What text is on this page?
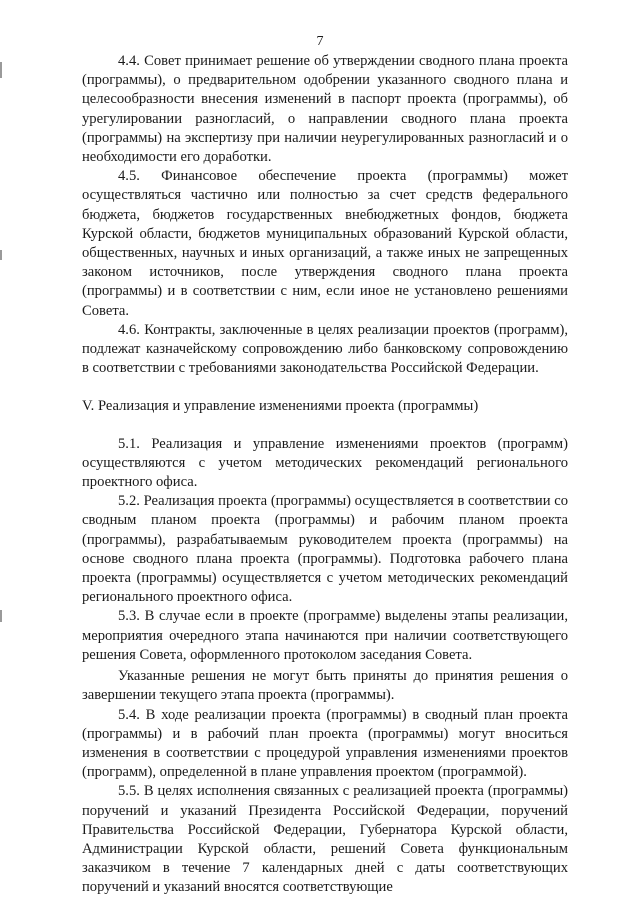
7

4.4. Совет принимает решение об утверждении сводного плана проекта (программы), о предварительном одобрении указанного сводного плана и целесообразности внесения изменений в паспорт проекта (программы), об урегулировании разногласий, о направлении сводного плана проекта (программы) на экспертизу при наличии неурегулированных разногласий и о необходимости его доработки.

4.5. Финансовое обеспечение проекта (программы) может осуществляться частично или полностью за счет средств федерального бюджета, бюджетов государственных внебюджетных фондов, бюджета Курской области, бюджетов муниципальных образований Курской области, общественных, научных и иных организаций, а также иных не запрещенных законом источников, после утверждения сводного плана проекта (программы) и в соответствии с ним, если иное не установлено решениями Совета.

4.6. Контракты, заключенные в целях реализации проектов (программ), подлежат казначейскому сопровождению либо банковскому сопровождению в соответствии с требованиями законодательства Российской Федерации.

V. Реализация и управление изменениями проекта (программы)

5.1. Реализация и управление изменениями проектов (программ) осуществляются с учетом методических рекомендаций регионального проектного офиса.

5.2. Реализация проекта (программы) осуществляется в соответствии со сводным планом проекта (программы) и рабочим планом проекта (программы), разрабатываемым руководителем проекта (программы) на основе сводного плана проекта (программы). Подготовка рабочего плана проекта (программы) осуществляется с учетом методических рекомендаций регионального проектного офиса.

5.3. В случае если в проекте (программе) выделены этапы реализации, мероприятия очередного этапа начинаются при наличии соответствующего решения Совета, оформленного протоколом заседания Совета.

Указанные решения не могут быть приняты до принятия решения о завершении текущего этапа проекта (программы).

5.4. В ходе реализации проекта (программы) в сводный план проекта (программы) и в рабочий план проекта (программы) могут вноситься изменения в соответствии с процедурой управления изменениями проектов (программ), определенной в плане управления проектом (программой).

5.5. В целях исполнения связанных с реализацией проекта (программы) поручений и указаний Президента Российской Федерации, поручений Правительства Российской Федерации, Губернатора Курской области, Администрации Курской области, решений Совета функциональным заказчиком в течение 7 календарных дней с даты соответствующих поручений и указаний вносятся соответствующие
